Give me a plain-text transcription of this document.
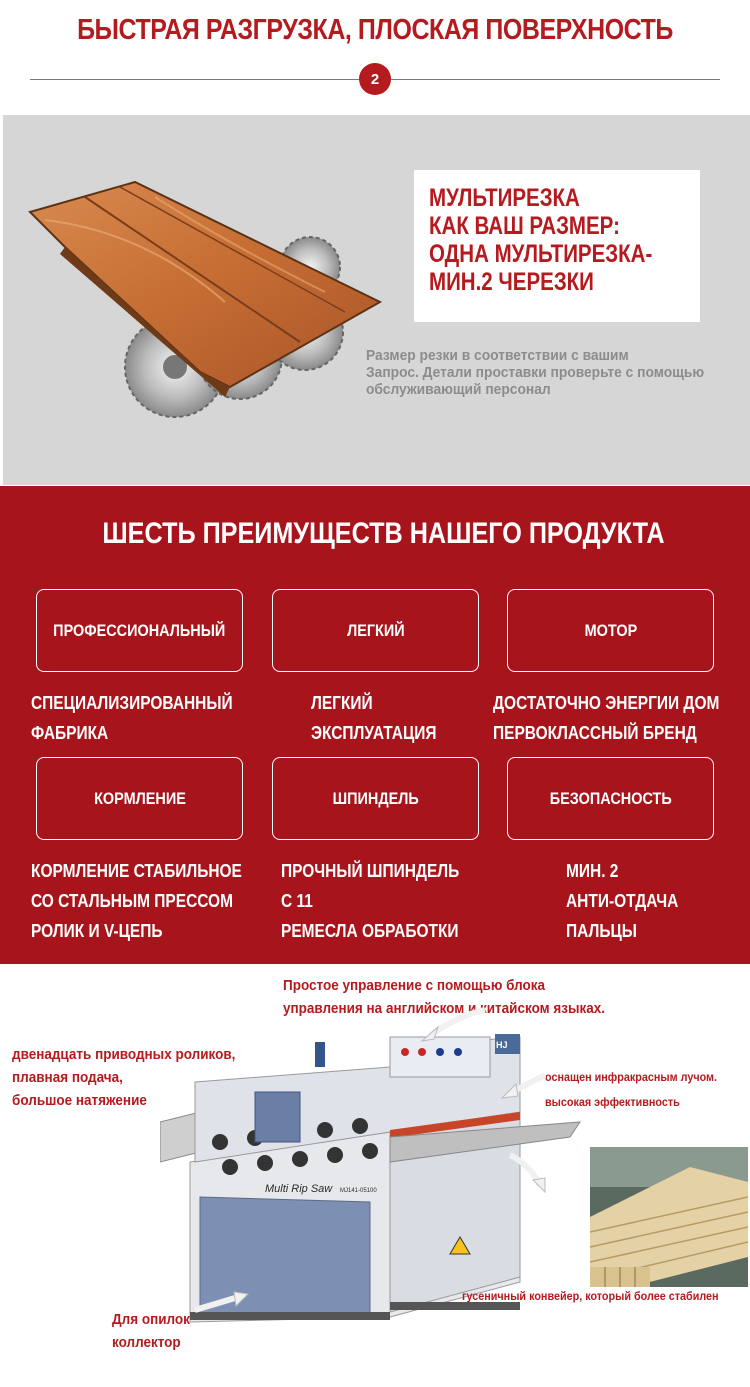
БЫСТРАЯ РАЗГРУЗКА, ПЛОСКАЯ ПОВЕРХНОСТЬ
2
МУЛЬТИРЕЗКА
КАК ВАШ РАЗМЕР:
ОДНА МУЛЬТИРЕЗКА-
МИН.2 ЧЕРЕЗКИ
Размер резки в соответствии с вашим
Запрос. Детали проставки проверьте с помощью
обслуживающий персонал
ШЕСТЬ ПРЕИМУЩЕСТВ НАШЕГО ПРОДУКТА
ПРОФЕССИОНАЛЬНЫЙ	ЛЕГКИЙ	МОТОР
СПЕЦИАЛИЗИРОВАННЫЙ
ФАБРИКА
ЛЕГКИЙ
ЭКСПЛУАТАЦИЯ
ДОСТАТОЧНО ЭНЕРГИИ ДОМ
ПЕРВОКЛАССНЫЙ БРЕНД
КОРМЛЕНИЕ	ШПИНДЕЛЬ	БЕЗОПАСНОСТЬ
КОРМЛЕНИЕ СТАБИЛЬНОЕ
СО СТАЛЬНЫМ ПРЕССОМ
РОЛИК И V-ЦЕПЬ
ПРОЧНЫЙ ШПИНДЕЛЬ
С 11
РЕМЕСЛА ОБРАБОТКИ
МИН. 2
АНТИ-ОТДАЧА
ПАЛЬЦЫ
Простое управление с помощью блока
управления на английском и китайском языках.
двенадцать приводных роликов,
плавная подача,
большое натяжение
оснащен инфракрасным лучом.
высокая эффективность
Multi Rip Saw MJ141-05100
HJ
гусеничный конвейер, который более стабилен
Для опилок
коллектор
